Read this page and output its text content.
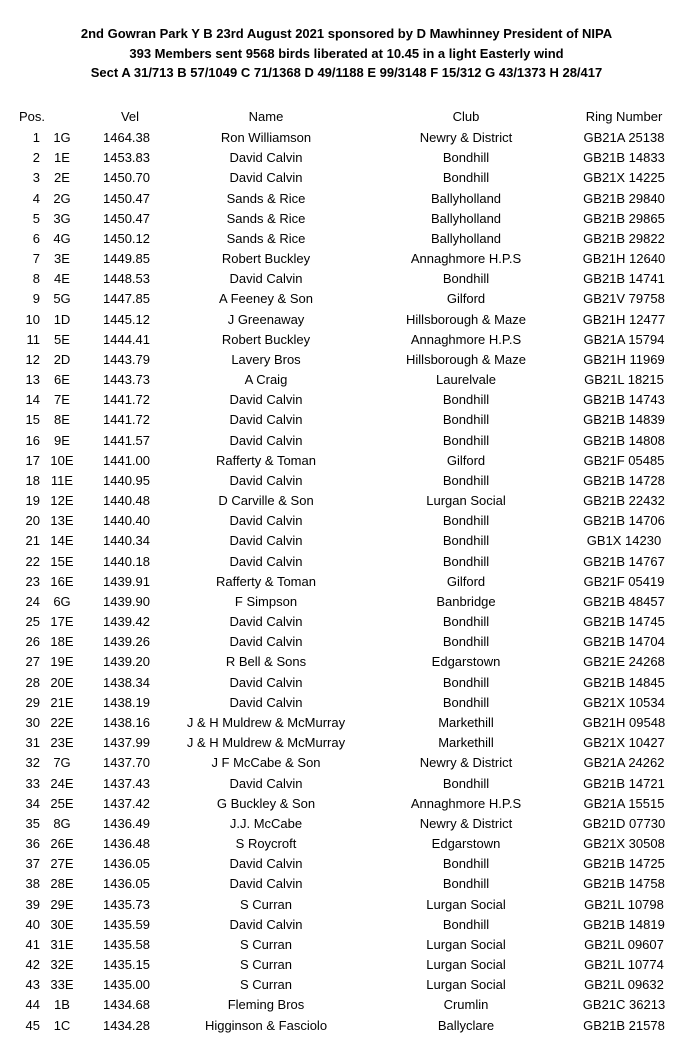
2nd Gowran Park Y B 23rd August 2021 sponsored by D Mawhinney President of NIPA
393 Members sent 9568 birds liberated at 10.45 in a light Easterly wind
Sect A 31/713 B 57/1049 C 71/1368 D 49/1188 E 99/3148 F 15/312 G 43/1373 H 28/417
Pos.	Vel	Name	Club	Ring Number
1	1G	1464.38	Ron Williamson	Newry & District	GB21A 25138
2	1E	1453.83	David Calvin	Bondhill	GB21B 14833
3	2E	1450.70	David Calvin	Bondhill	GB21X 14225
4	2G	1450.47	Sands & Rice	Ballyholland	GB21B 29840
5	3G	1450.47	Sands & Rice	Ballyholland	GB21B 29865
6	4G	1450.12	Sands & Rice	Ballyholland	GB21B 29822
7	3E	1449.85	Robert Buckley	Annaghmore H.P.S	GB21H 12640
8	4E	1448.53	David Calvin	Bondhill	GB21B 14741
9	5G	1447.85	A Feeney & Son	Gilford	GB21V 79758
10	1D	1445.12	J Greenaway	Hillsborough & Maze	GB21H 12477
11	5E	1444.41	Robert Buckley	Annaghmore H.P.S	GB21A 15794
12	2D	1443.79	Lavery Bros	Hillsborough & Maze	GB21H 11969
13	6E	1443.73	A Craig	Laurelvale	GB21L 18215
14	7E	1441.72	David Calvin	Bondhill	GB21B 14743
15	8E	1441.72	David Calvin	Bondhill	GB21B 14839
16	9E	1441.57	David Calvin	Bondhill	GB21B 14808
17 10E	1441.00	Rafferty & Toman	Gilford	GB21F 05485
18 11E	1440.95	David Calvin	Bondhill	GB21B 14728
19 12E	1440.48	D Carville & Son	Lurgan Social	GB21B 22432
20 13E	1440.40	David Calvin	Bondhill	GB21B 14706
21 14E	1440.34	David Calvin	Bondhill	GB1X 14230
22 15E	1440.18	David Calvin	Bondhill	GB21B 14767
23 16E	1439.91	Rafferty & Toman	Gilford	GB21F 05419
24	6G	1439.90	F Simpson	Banbridge	GB21B 48457
25 17E	1439.42	David Calvin	Bondhill	GB21B 14745
26 18E	1439.26	David Calvin	Bondhill	GB21B 14704
27 19E	1439.20	R Bell & Sons	Edgarstown	GB21E 24268
28 20E	1438.34	David Calvin	Bondhill	GB21B 14845
29 21E	1438.19	David Calvin	Bondhill	GB21X 10534
30 22E	1438.16	J & H Muldrew & McMurray	Markethill	GB21H 09548
31 23E	1437.99	J & H Muldrew & McMurray	Markethill	GB21X 10427
32	7G	1437.70	J F McCabe & Son	Newry & District	GB21A 24262
33 24E	1437.43	David Calvin	Bondhill	GB21B 14721
34 25E	1437.42	G Buckley & Son	Annaghmore H.P.S	GB21A 15515
35	8G	1436.49	J.J. McCabe	Newry & District	GB21D 07730
36 26E	1436.48	S Roycroft	Edgarstown	GB21X 30508
37 27E	1436.05	David Calvin	Bondhill	GB21B 14725
38 28E	1436.05	David Calvin	Bondhill	GB21B 14758
39 29E	1435.73	S Curran	Lurgan Social	GB21L 10798
40 30E	1435.59	David Calvin	Bondhill	GB21B 14819
41 31E	1435.58	S Curran	Lurgan Social	GB21L 09607
42 32E	1435.15	S Curran	Lurgan Social	GB21L 10774
43 33E	1435.00	S Curran	Lurgan Social	GB21L 09632
44	1B	1434.68	Fleming Bros	Crumlin	GB21C 36213
45	1C	1434.28	Higginson & Fasciolo	Ballyclare	GB21B 21578
